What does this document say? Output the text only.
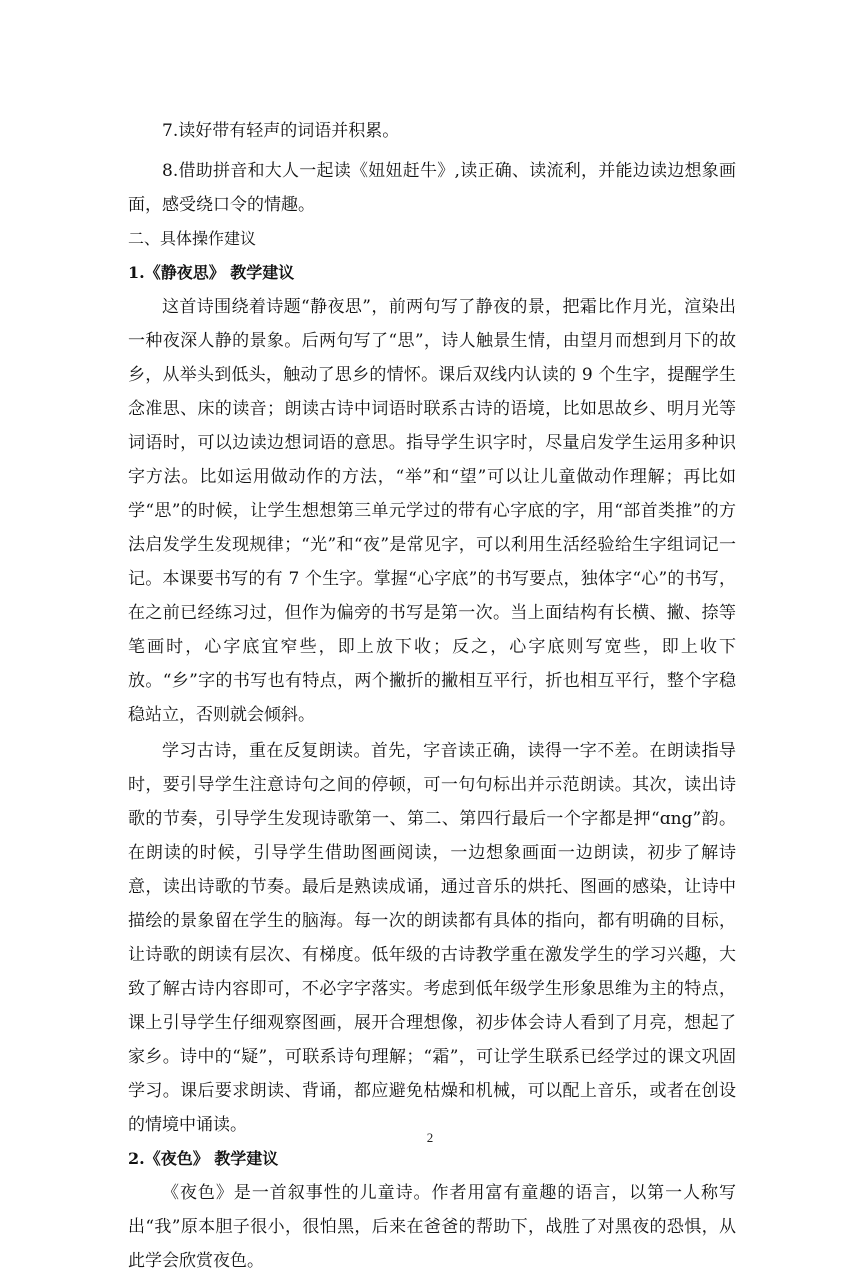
7.读好带有轻声的词语并积累。

8.借助拼音和大人一起读《妞妞赶牛》,读正确、读流利，并能边读边想象画面，感受绕口令的情趣。

二、具体操作建议

1.《静夜思》 教学建议

这首诗围绕着诗题“静夜思”，前两句写了静夜的景，把霜比作月光，渲染出一种夜深人静的景象。后两句写了“思”，诗人触景生情，由望月而想到月下的故乡，从举头到低头，触动了思乡的情怀。课后双线内认读的 9 个生字，提醒学生念准思、床的读音；朗读古诗中词语时联系古诗的语境，比如思故乡、明月光等词语时，可以边读边想词语的意思。指导学生识字时，尽量启发学生运用多种识字方法。比如运用做动作的方法，“举”和“望”可以让儿童做动作理解；再比如学“思”的时候，让学生想想第三单元学过的带有心字底的字，用“部首类推”的方法启发学生发现规律；“光”和“夜”是常见字，可以利用生活经验给生字组词记一记。本课要书写的有 7 个生字。掌握“心字底”的书写要点，独体字“心”的书写，在之前已经练习过，但作为偏旁的书写是第一次。当上面结构有长横、撇、捺等笔画时，心字底宜窄些，即上放下收；反之，心字底则写宽些，即上收下放。“乡”字的书写也有特点，两个撇折的撇相互平行，折也相互平行，整个字稳稳站立，否则就会倾斜。

学习古诗，重在反复朗读。首先，字音读正确，读得一字不差。在朗读指导时，要引导学生注意诗句之间的停顿，可一句句标出并示范朗读。其次，读出诗歌的节奏，引导学生发现诗歌第一、第二、第四行最后一个字都是押“ɑng”韵。在朗读的时候，引导学生借助图画阅读，一边想象画面一边朗读，初步了解诗意，读出诗歌的节奏。最后是熟读成诵，通过音乐的烘托、图画的感染，让诗中描绘的景象留在学生的脑海。每一次的朗读都有具体的指向，都有明确的目标，让诗歌的朗读有层次、有梯度。低年级的古诗教学重在激发学生的学习兴趣，大致了解古诗内容即可，不必字字落实。考虑到低年级学生形象思维为主的特点，课上引导学生仔细观察图画，展开合理想像，初步体会诗人看到了月亮，想起了家乡。诗中的“疑”，可联系诗句理解；“霜”，可让学生联系已经学过的课文巩固学习。课后要求朗读、背诵，都应避免枯燥和机械，可以配上音乐，或者在创设的情境中诵读。

2.《夜色》 教学建议

《夜色》是一首叙事性的儿童诗。作者用富有童趣的语言，以第一人称写出“我”原本胆子很小，很怕黑，后来在爸爸的帮助下，战胜了对黑夜的恐惧，从此学会欣赏夜色。

2
